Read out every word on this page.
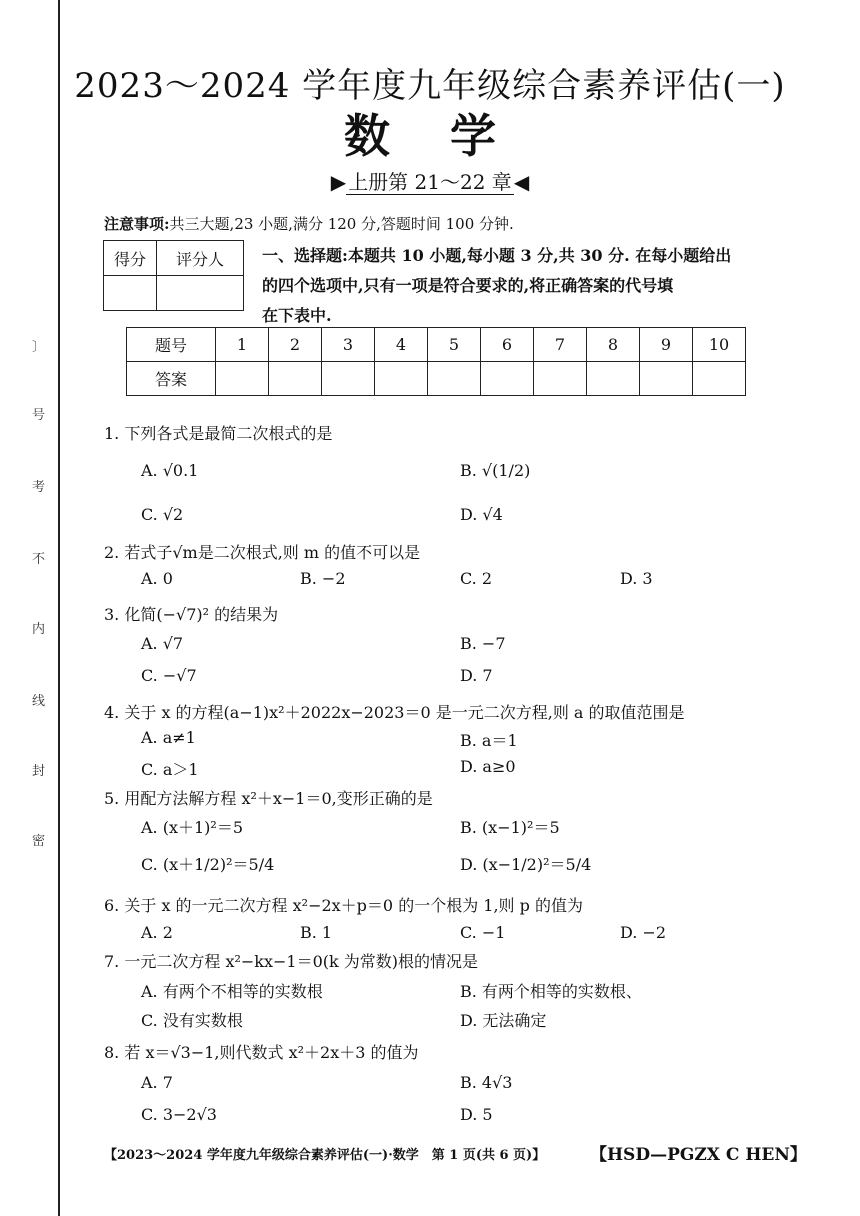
〕
号
考
不
内
线
封
密
2023～2024 学年度九年级综合素养评估(一)
数学
▶ 上册第 21～22 章 ◀
注意事项:共三大题,23 小题,满分 120 分,答题时间 100 分钟.
得分	评分人
	一、选择题:本题共 10 小题,每小题 3 分,共 30 分. 在每小题给出
的四个选项中,只有一项是符合要求的,将正确答案的代号填
在下表中.
题号	1	2	3	4	5	6	7	8	9	10
答案										
1. 下列各式是最简二次根式的是
A. √0.1	B. √(1/2)
C. √2	D. √4
2. 若式子√m是二次根式,则 m 的值不可以是
A. 0	B. −2	C. 2	D. 3
3. 化简(−√7)² 的结果为
A. √7	B. −7
C. −√7	D. 7
4. 关于 x 的方程(a−1)x²＋2022x−2023＝0 是一元二次方程,则 a 的取值范围是
A. a≠1	B. a＝1
C. a＞1	D. a≥0
5. 用配方法解方程 x²＋x−1＝0,变形正确的是
A. (x＋1)²＝5	B. (x−1)²＝5
C. (x＋1/2)²＝5/4	D. (x−1/2)²＝5/4
6. 关于 x 的一元二次方程 x²−2x＋p＝0 的一个根为 1,则 p 的值为
A. 2	B. 1	C. −1	D. −2
7. 一元二次方程 x²−kx−1＝0(k 为常数)根的情况是
A. 有两个不相等的实数根	B. 有两个相等的实数根、
C. 没有实数根	D. 无法确定
8. 若 x＝√3−1,则代数式 x²＋2x＋3 的值为
A. 7	B. 4√3
C. 3−2√3	D. 5
【2023～2024 学年度九年级综合素养评估(一)·数学　第 1 页(共 6 页)】	【HSD—PGZX C HEN】
